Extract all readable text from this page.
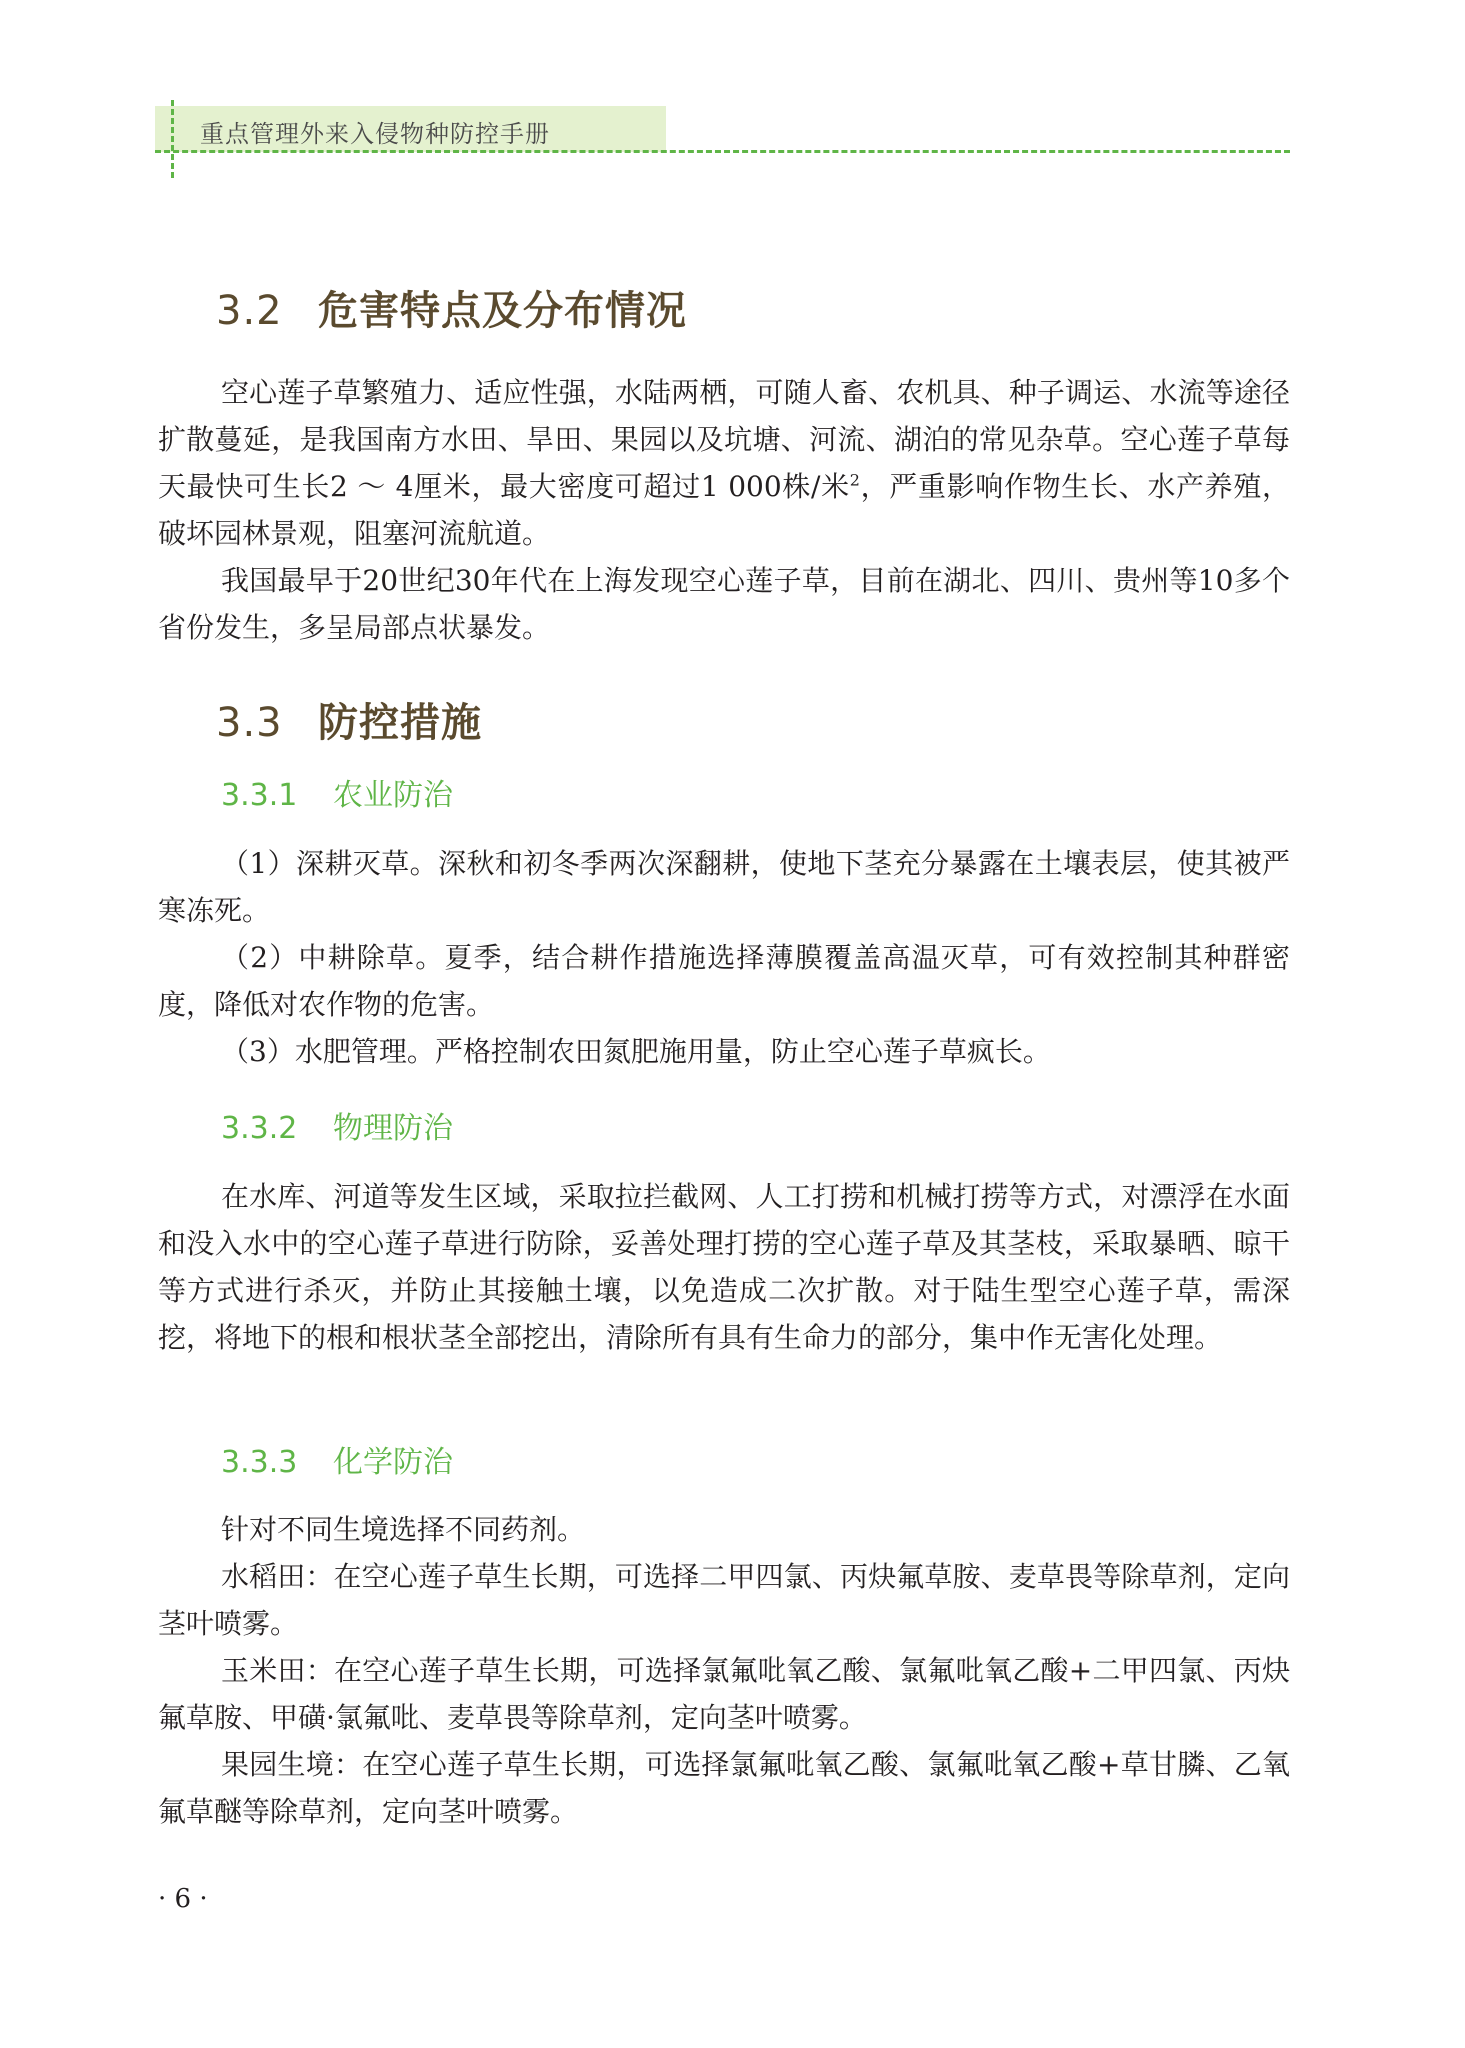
重点管理外来入侵物种防控手册
3.2 危害特点及分布情况

空心莲子草繁殖力、适应性强，水陆两栖，可随人畜、农机具、种子调运、水流等途径扩散蔓延，是我国南方水田、旱田、果园以及坑塘、河流、湖泊的常见杂草。空心莲子草每天最快可生长2 ～ 4厘米，最大密度可超过1 000株/米$^2$，严重影响作物生长、水产养殖，破坏园林景观，阻塞河流航道。

我国最早于20世纪30年代在上海发现空心莲子草，目前在湖北、四川、贵州等10多个省份发生，多呈局部点状暴发。

3.3 防控措施
3.3.1 农业防治

（1）深耕灭草。深秋和初冬季两次深翻耕，使地下茎充分暴露在土壤表层，使其被严寒冻死。

（2）中耕除草。夏季，结合耕作措施选择薄膜覆盖高温灭草，可有效控制其种群密度，降低对农作物的危害。

（3）水肥管理。严格控制农田氮肥施用量，防止空心莲子草疯长。

3.3.2 物理防治

在水库、河道等发生区域，采取拉拦截网、人工打捞和机械打捞等方式，对漂浮在水面和没入水中的空心莲子草进行防除，妥善处理打捞的空心莲子草及其茎枝，采取暴晒、晾干等方式进行杀灭，并防止其接触土壤，以免造成二次扩散。对于陆生型空心莲子草，需深挖，将地下的根和根状茎全部挖出，清除所有具有生命力的部分，集中作无害化处理。

3.3.3 化学防治

针对不同生境选择不同药剂。

水稻田：在空心莲子草生长期，可选择二甲四氯、丙炔氟草胺、麦草畏等除草剂，定向茎叶喷雾。

玉米田：在空心莲子草生长期，可选择氯氟吡氧乙酸、氯氟吡氧乙酸+二甲四氯、丙炔氟草胺、甲磺·氯氟吡、麦草畏等除草剂，定向茎叶喷雾。

果园生境：在空心莲子草生长期，可选择氯氟吡氧乙酸、氯氟吡氧乙酸+草甘膦、乙氧氟草醚等除草剂，定向茎叶喷雾。

· 6 ·
